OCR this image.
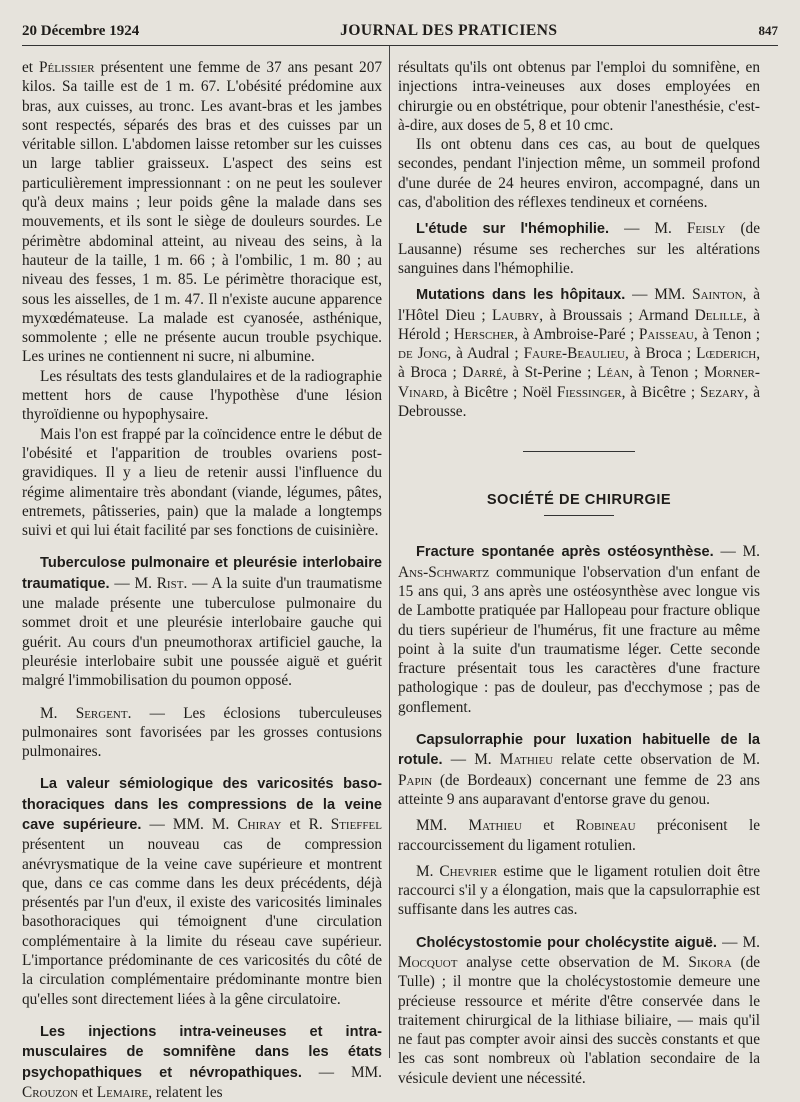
20 Décembre 1924	JOURNAL DES PRATICIENS	847

et Pélissier présentent une femme de 37 ans pesant 207 kilos. Sa taille est de 1 m. 67. L'obésité prédomine aux bras, aux cuisses, au tronc. Les avant-bras et les jambes sont respectés, séparés des bras et des cuisses par un véritable sillon. L'abdomen laisse retomber sur les cuisses un large tablier graisseux. L'aspect des seins est particulièrement impressionnant : on ne peut les soulever qu'à deux mains ; leur poids gêne la malade dans ses mouvements, et ils sont le siège de douleurs sourdes. Le périmètre abdominal atteint, au niveau des seins, à la hauteur de la taille, 1 m. 66 ; à l'ombilic, 1 m. 80 ; au niveau des fesses, 1 m. 85. Le périmètre thoracique est, sous les aisselles, de 1 m. 47. Il n'existe aucune apparence myxœdémateuse. La malade est cyanosée, asthénique, sommolente ; elle ne présente aucun trouble psychique. Les urines ne contiennent ni sucre, ni albumine.

Les résultats des tests glandulaires et de la radiographie mettent hors de cause l'hypothèse d'une lésion thyroïdienne ou hypophysaire.

Mais l'on est frappé par la coïncidence entre le début de l'obésité et l'apparition de troubles ovariens post-gravidiques. Il y a lieu de retenir aussi l'influence du régime alimentaire très abondant (viande, légumes, pâtes, entremets, pâtisseries, pain) que la malade a longtemps suivi et qui lui était facilité par ses fonctions de cuisinière.

Tuberculose pulmonaire et pleurésie interlobaire traumatique. — M. Rist. — A la suite d'un traumatisme une malade présente une tuberculose pulmonaire du sommet droit et une pleurésie interlobaire gauche qui guérit. Au cours d'un pneumothorax artificiel gauche, la pleurésie interlobaire subit une poussée aiguë et guérit malgré l'immobilisation du poumon opposé.

M. Sergent. — Les éclosions tuberculeuses pulmonaires sont favorisées par les grosses contusions pulmonaires.

La valeur sémiologique des varicosités baso-thoraciques dans les compressions de la veine cave supérieure. — MM. M. Chiray et R. Stieffel présentent un nouveau cas de compression anévrysmatique de la veine cave supérieure et montrent que, dans ce cas comme dans les deux précédents, déjà présentés par l'un d'eux, il existe des varicosités liminales basothoraciques qui témoignent d'une circulation complémentaire à la limite du réseau cave supérieur. L'importance prédominante de ces varicosités du côté de la circulation complémentaire prédominante montre bien qu'elles sont directement liées à la gêne circulatoire.

Les injections intra-veineuses et intra-musculaires de somnifène dans les états psychopathiques et névropathiques. — MM. Crouzon et Lemaire, relatent les

résultats qu'ils ont obtenus par l'emploi du somnifène, en injections intra-veineuses aux doses employées en chirurgie ou en obstétrique, pour obtenir l'anesthésie, c'est-à-dire, aux doses de 5, 8 et 10 cmc.

Ils ont obtenu dans ces cas, au bout de quelques secondes, pendant l'injection même, un sommeil profond d'une durée de 24 heures environ, accompagné, dans un cas, d'abolition des réflexes tendineux et cornéens.

L'étude sur l'hémophilie. — M. Feisly (de Lausanne) résume ses recherches sur les altérations sanguines dans l'hémophilie.

Mutations dans les hôpitaux. — MM. Sainton, à l'Hôtel Dieu ; Laubry, à Broussais ; Armand Delille, à Hérold ; Herscher, à Ambroise-Paré ; Paisseau, à Tenon ; de Jong, à Audral ; Faure-Beaulieu, à Broca ; Lœderich, à Broca ; Darré, à St-Perine ; Léan, à Tenon ; Morner-Vinard, à Bicêtre ; Noël Fiessinger, à Bicêtre ; Sezary, à Debrousse.

SOCIÉTÉ DE CHIRURGIE

Fracture spontanée après ostéosynthèse. — M. Ans-Schwartz communique l'observation d'un enfant de 15 ans qui, 3 ans après une ostéosynthèse avec longue vis de Lambotte pratiquée par Hallopeau pour fracture oblique du tiers supérieur de l'humérus, fit une fracture au même point à la suite d'un traumatisme léger. Cette seconde fracture présentait tous les caractères d'une fracture pathologique : pas de douleur, pas d'ecchymose ; pas de gonflement.

Capsulorraphie pour luxation habituelle de la rotule. — M. Mathieu relate cette observation de M. Papin (de Bordeaux) concernant une femme de 23 ans atteinte 9 ans auparavant d'entorse grave du genou.

MM. Mathieu et Robineau préconisent le raccourcissement du ligament rotulien.

M. Chevrier estime que le ligament rotulien doit être raccourci s'il y a élongation, mais que la capsulorraphie est suffisante dans les autres cas.

Cholécystostomie pour cholécystite aiguë. — M. Mocquot analyse cette observation de M. Sikora (de Tulle) ; il montre que la cholécystostomie demeure une précieuse ressource et mérite d'être conservée dans le traitement chirurgical de la lithiase biliaire, — mais qu'il ne faut pas compter avoir ainsi des succès constants et que les cas sont nombreux où l'ablation secondaire de la vésicule devient une nécessité.
